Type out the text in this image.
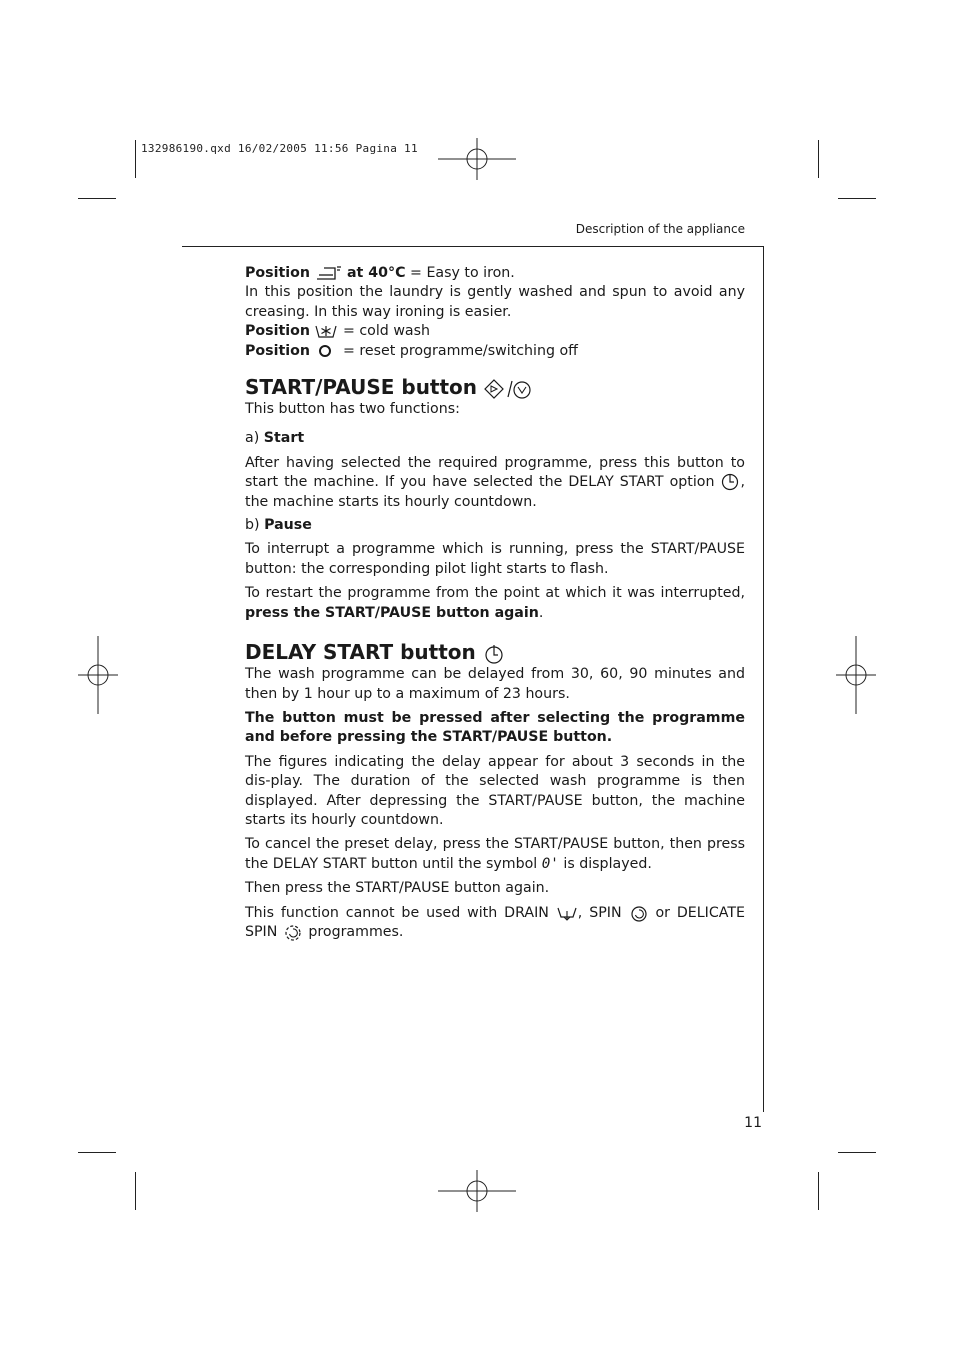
132986190.qxd 16/02/2005 11:56 Pagina 11
Description of the appliance
11

Position	at 40°C = Easy to iron.

In this position the laundry is gently washed and spun to avoid any creasing. In this way ironing is easier.

Position = cold wash

Position = reset programme/switching off

START/PAUSE button

This button has two functions:

a) Start

After having selected the required programme, press this button to start the machine. If you have selected the DELAY START option , the machine starts its hourly countdown.

b) Pause

To interrupt a programme which is running, press the START/PAUSE button: the corresponding pilot light starts to flash.

To restart the programme from the point at which it was interrupted, press the START/PAUSE button again.

DELAY START button

The wash programme can be delayed from 30, 60, 90 minutes and then by 1 hour up to a maximum of 23 hours.

The button must be pressed after selecting the programme and before pressing the START/PAUSE button.

The figures indicating the delay appear for about 3 seconds in the dis-play. The duration of the selected wash programme is then displayed. After depressing the START/PAUSE button, the machine starts its hourly countdown.

To cancel the preset delay, press the START/PAUSE button, then press the DELAY START button until the symbol 0' is displayed.

Then press the START/PAUSE button again.

This function cannot be used with DRAIN , SPIN or DELICATE SPIN programmes.
